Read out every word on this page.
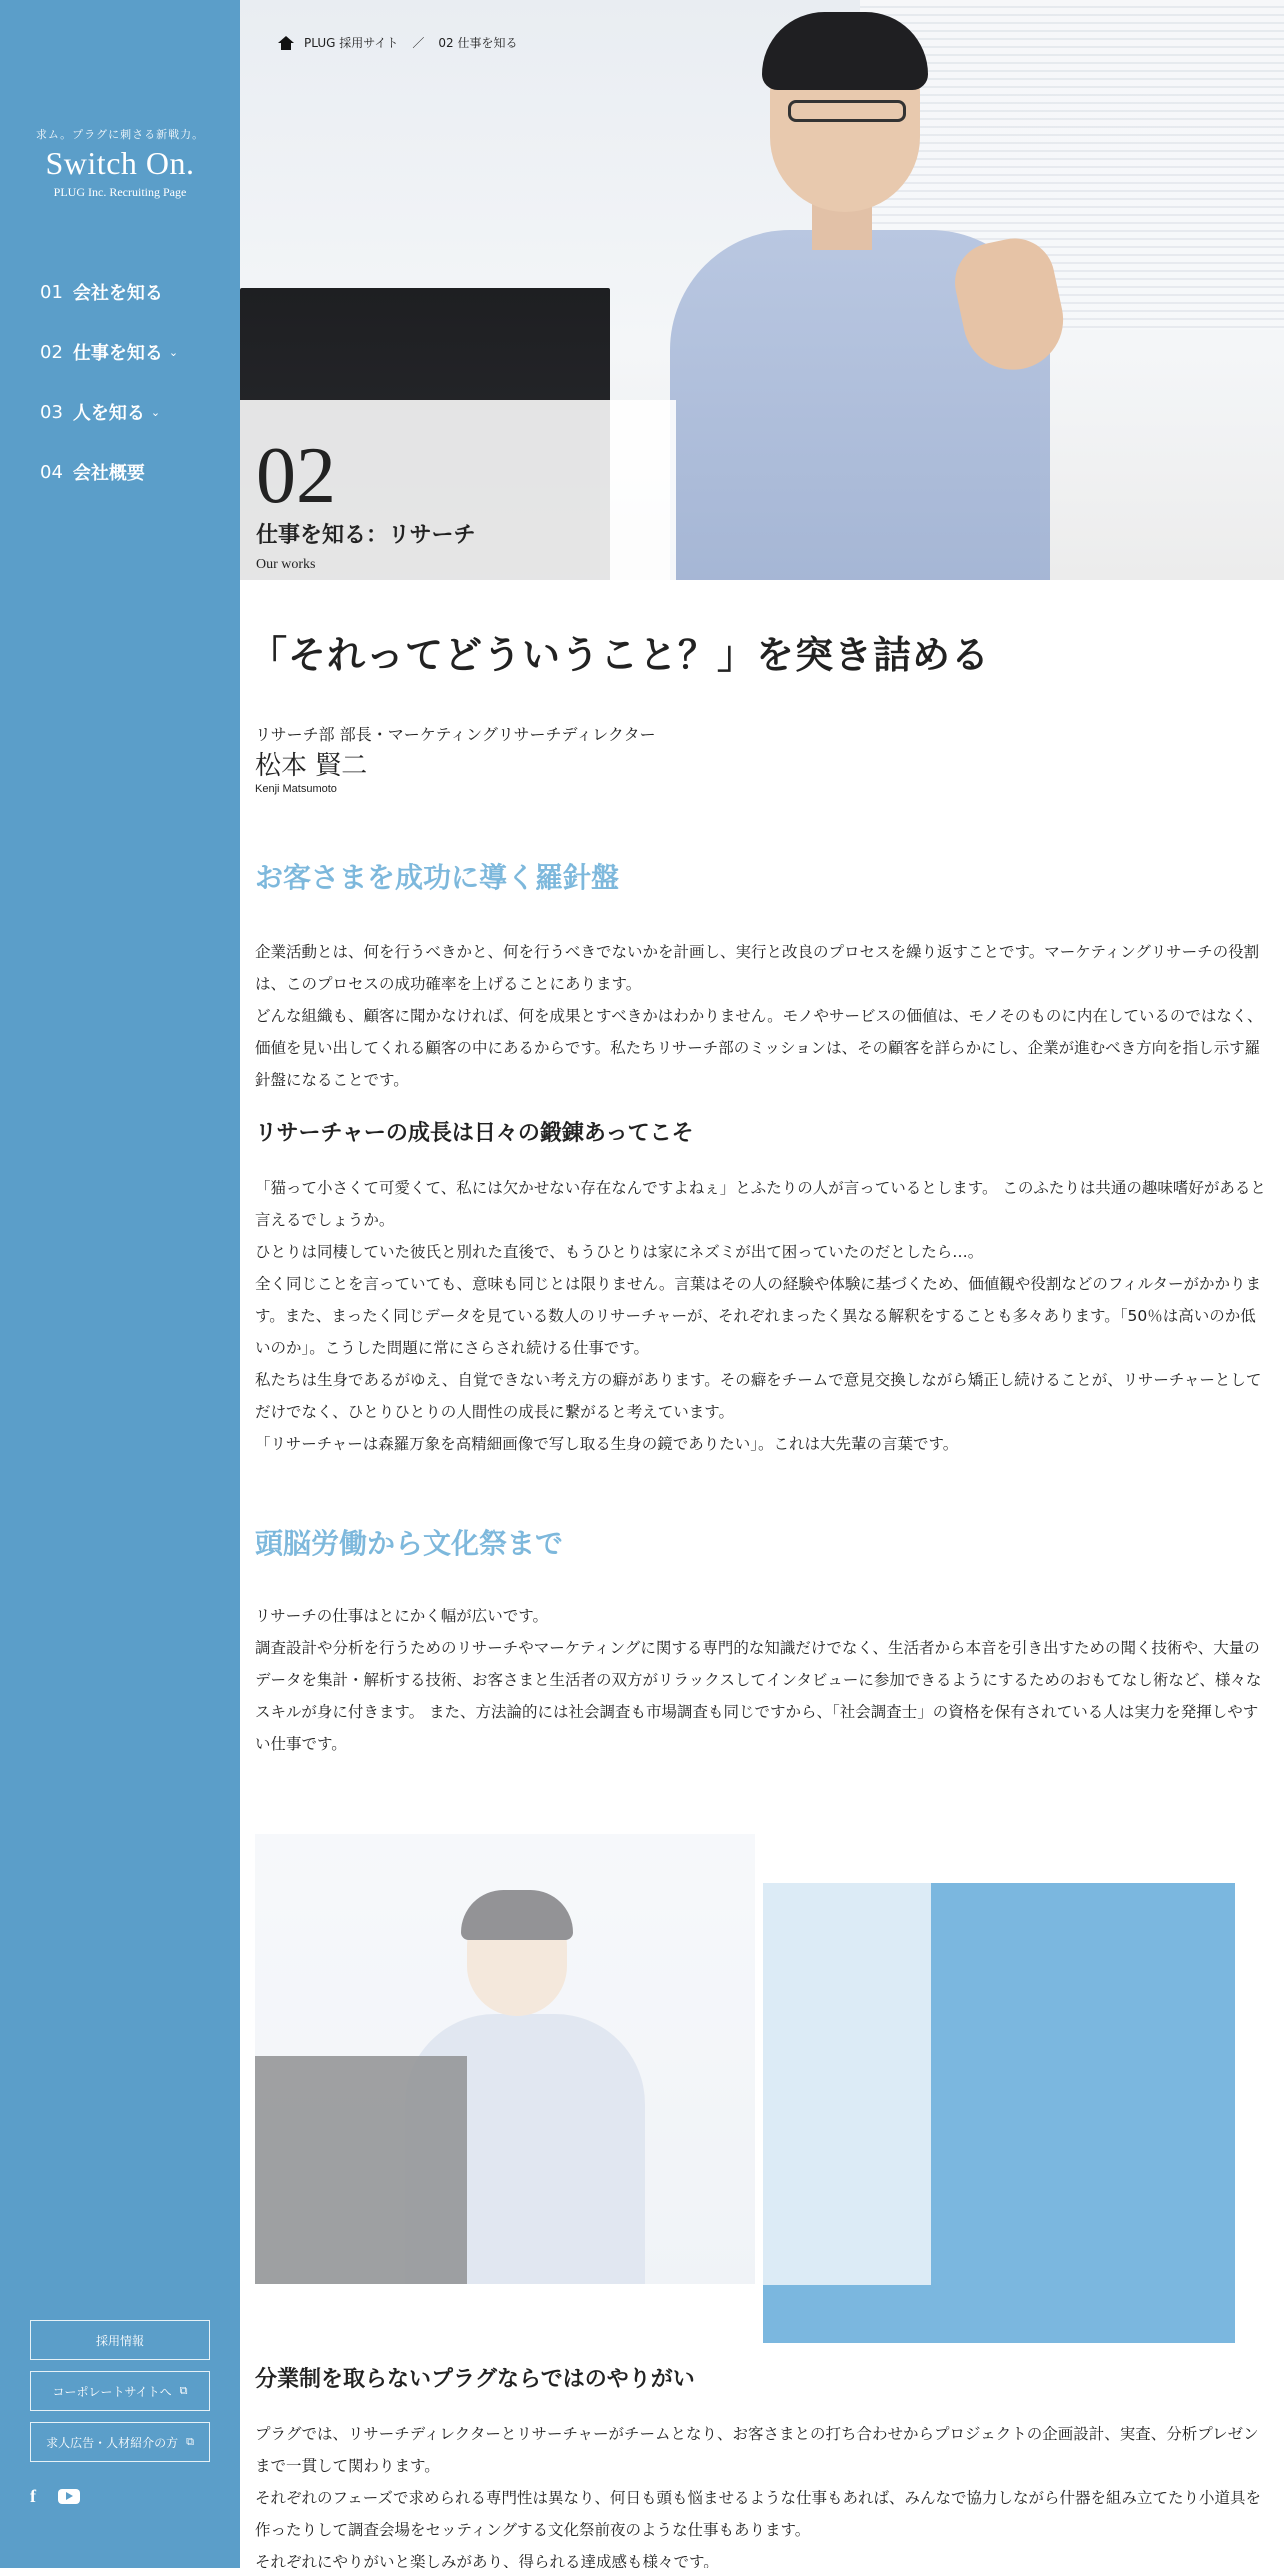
求ム。プラグに刺さる新戦力。
Switch On.
PLUG Inc. Recruiting Page
01 会社を知る
02 仕事を知る ⌄
03 人を知る ⌄
04 会社概要
採用情報
コーポレートサイトへ ⧉
求人広告・人材紹介の方 ⧉
f
PLUG 採用サイト ／ 02 仕事を知る
02
仕事を知る：リサーチ
Our works
「それってどういうこと？」を突き詰める
リサーチ部 部長・マーケティングリサーチディレクター
松本 賢二
Kenji Matsumoto
お客さまを成功に導く羅針盤

企業活動とは、何を行うべきかと、何を行うべきでないかを計画し、実行と改良のプロセスを繰り返すことです。マーケティングリサーチの役割は、このプロセスの成功確率を上げることにあります。

どんな組織も、顧客に聞かなければ、何を成果とすべきかはわかりません。モノやサービスの価値は、モノそのものに内在しているのではなく、価値を見い出してくれる顧客の中にあるからです。私たちリサーチ部のミッションは、その顧客を詳らかにし、企業が進むべき方向を指し示す羅針盤になることです。

リサーチャーの成長は日々の鍛錬あってこそ

「猫って小さくて可愛くて、私には欠かせない存在なんですよねぇ」とふたりの人が言っているとします。 このふたりは共通の趣味嗜好があると言えるでしょうか。

ひとりは同棲していた彼氏と別れた直後で、もうひとりは家にネズミが出て困っていたのだとしたら…。

全く同じことを言っていても、意味も同じとは限りません。言葉はその人の経験や体験に基づくため、価値観や役割などのフィルターがかかります。また、まったく同じデータを見ている数人のリサーチャーが、それぞれまったく異なる解釈をすることも多々あります。「50％は高いのか低いのか」。こうした問題に常にさらされ続ける仕事です。

私たちは生身であるがゆえ、自覚できない考え方の癖があります。その癖をチームで意見交換しながら矯正し続けることが、リサーチャーとしてだけでなく、ひとりひとりの人間性の成長に繋がると考えています。

「リサーチャーは森羅万象を高精細画像で写し取る生身の鏡でありたい」。これは大先輩の言葉です。

頭脳労働から文化祭まで

リサーチの仕事はとにかく幅が広いです。

調査設計や分析を行うためのリサーチやマーケティングに関する専門的な知識だけでなく、生活者から本音を引き出すための聞く技術や、大量のデータを集計・解析する技術、お客さまと生活者の双方がリラックスしてインタビューに参加できるようにするためのおもてなし術など、様々なスキルが身に付きます。 また、方法論的には社会調査も市場調査も同じですから、「社会調査士」の資格を保有されている人は実力を発揮しやすい仕事です。

分業制を取らないプラグならではのやりがい

プラグでは、リサーチディレクターとリサーチャーがチームとなり、お客さまとの打ち合わせからプロジェクトの企画設計、実査、分析プレゼンまで一貫して関わります。

それぞれのフェーズで求められる専門性は異なり、何日も頭も悩ませるような仕事もあれば、みんなで協力しながら什器を組み立てたり小道具を作ったりして調査会場をセッティングする文化祭前夜のような仕事もあります。

それぞれにやりがいと楽しみがあり、得られる達成感も様々です。
